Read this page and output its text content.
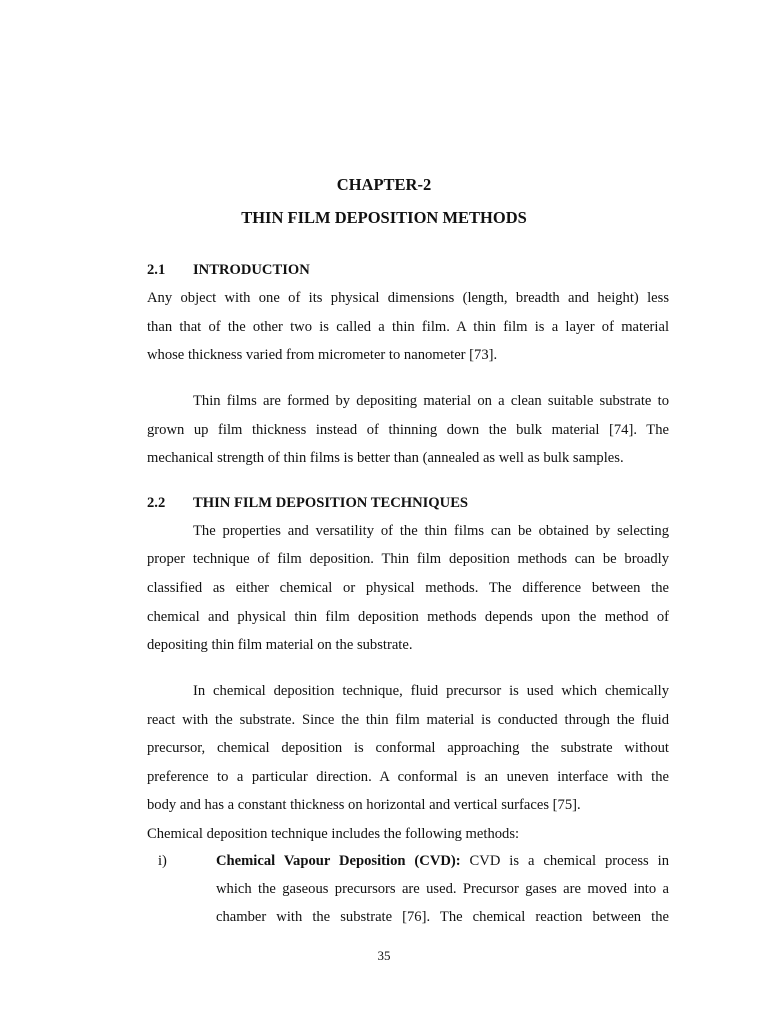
CHAPTER-2
THIN FILM DEPOSITION METHODS
2.1 INTRODUCTION
Any object with one of its physical dimensions (length, breadth and height) less
than that of the other two is called a thin film. A thin film is a layer of material
whose thickness varied from micrometer to nanometer [73].
Thin films are formed by depositing material on a clean suitable substrate to
grown up film thickness instead of thinning down the bulk material [74]. The
mechanical strength of thin films is better than (annealed as well as bulk samples.
2.2 THIN FILM DEPOSITION TECHNIQUES
The properties and versatility of the thin films can be obtained by selecting
proper technique of film deposition. Thin film deposition methods can be broadly
classified as either chemical or physical methods. The difference between the
chemical and physical thin film deposition methods depends upon the method of
depositing thin film material on the substrate.
In chemical deposition technique, fluid precursor is used which chemically
react with the substrate. Since the thin film material is conducted through the fluid
precursor, chemical deposition is conformal approaching the substrate without
preference to a particular direction. A conformal is an uneven interface with the
body and has a constant thickness on horizontal and vertical surfaces [75].
Chemical deposition technique includes the following methods:
i)	Chemical Vapour Deposition (CVD): CVD is a chemical process in
which the gaseous precursors are used. Precursor gases are moved into a
chamber with the substrate [76]. The chemical reaction between the
35
